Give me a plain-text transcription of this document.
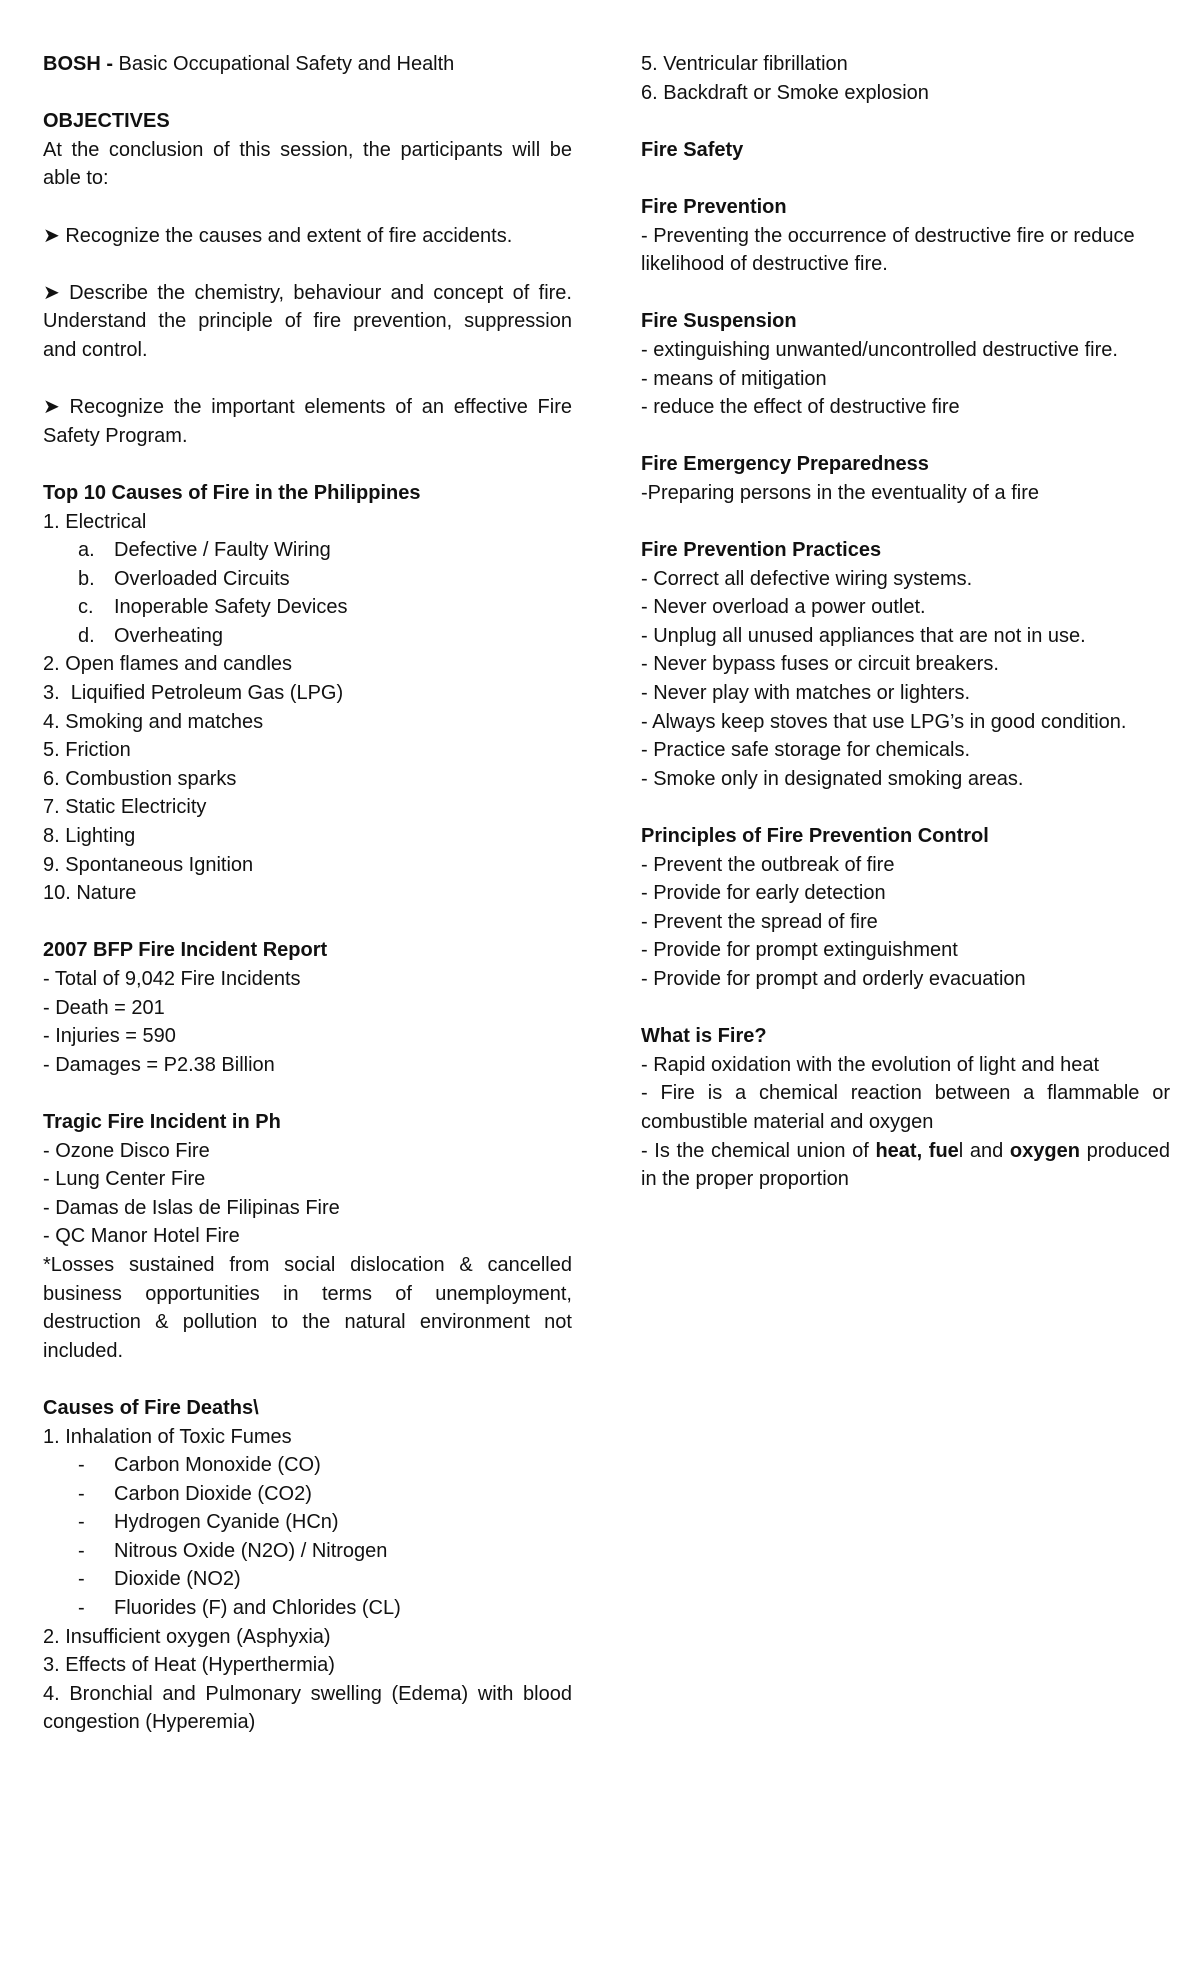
BOSH - Basic Occupational Safety and Health
OBJECTIVES
At the conclusion of this session, the participants will be able to:
➤ Recognize the causes and extent of fire accidents.
➤ Describe the chemistry, behaviour and concept of fire. Understand the principle of fire prevention, suppression and control.
➤ Recognize the important elements of an effective Fire Safety Program.
Top 10 Causes of Fire in the Philippines
1. Electrical
a. Defective / Faulty Wiring
b. Overloaded Circuits
c. Inoperable Safety Devices
d. Overheating
2. Open flames and candles
3.  Liquified Petroleum Gas (LPG)
4. Smoking and matches
5. Friction
6. Combustion sparks
7. Static Electricity
8. Lighting
9. Spontaneous Ignition
10. Nature
2007 BFP Fire Incident Report
- Total of 9,042 Fire Incidents
- Death = 201
- Injuries = 590
- Damages = P2.38 Billion
Tragic Fire Incident in Ph
- Ozone Disco Fire
- Lung Center Fire
- Damas de Islas de Filipinas Fire
- QC Manor Hotel Fire
*Losses sustained from social dislocation & cancelled business opportunities in terms of unemployment, destruction & pollution to the natural environment not included.
Causes of Fire Deaths\
1. Inhalation of Toxic Fumes
- Carbon Monoxide (CO)
- Carbon Dioxide (CO2)
- Hydrogen Cyanide (HCn)
- Nitrous Oxide (N2O) / Nitrogen
- Dioxide (NO2)
- Fluorides (F) and Chlorides (CL)
2. Insufficient oxygen (Asphyxia)
3. Effects of Heat (Hyperthermia)
4. Bronchial and Pulmonary swelling (Edema) with blood congestion (Hyperemia)
5. Ventricular fibrillation
6. Backdraft or Smoke explosion
Fire Safety
Fire Prevention
- Preventing the occurrence of destructive fire or reduce likelihood of destructive fire.
Fire Suspension
- extinguishing unwanted/uncontrolled destructive fire.
- means of mitigation
- reduce the effect of destructive fire
Fire Emergency Preparedness
-Preparing persons in the eventuality of a fire
Fire Prevention Practices
- Correct all defective wiring systems.
- Never overload a power outlet.
- Unplug all unused appliances that are not in use.
- Never bypass fuses or circuit breakers.
- Never play with matches or lighters.
- Always keep stoves that use LPG’s in good condition.
- Practice safe storage for chemicals.
- Smoke only in designated smoking areas.
Principles of Fire Prevention Control
- Prevent the outbreak of fire
- Provide for early detection
- Prevent the spread of fire
- Provide for prompt extinguishment
- Provide for prompt and orderly evacuation
What is Fire?
- Rapid oxidation with the evolution of light and heat
- Fire is a chemical reaction between a flammable or combustible material and oxygen
- Is the chemical union of heat, fuel and oxygen produced in the proper proportion
